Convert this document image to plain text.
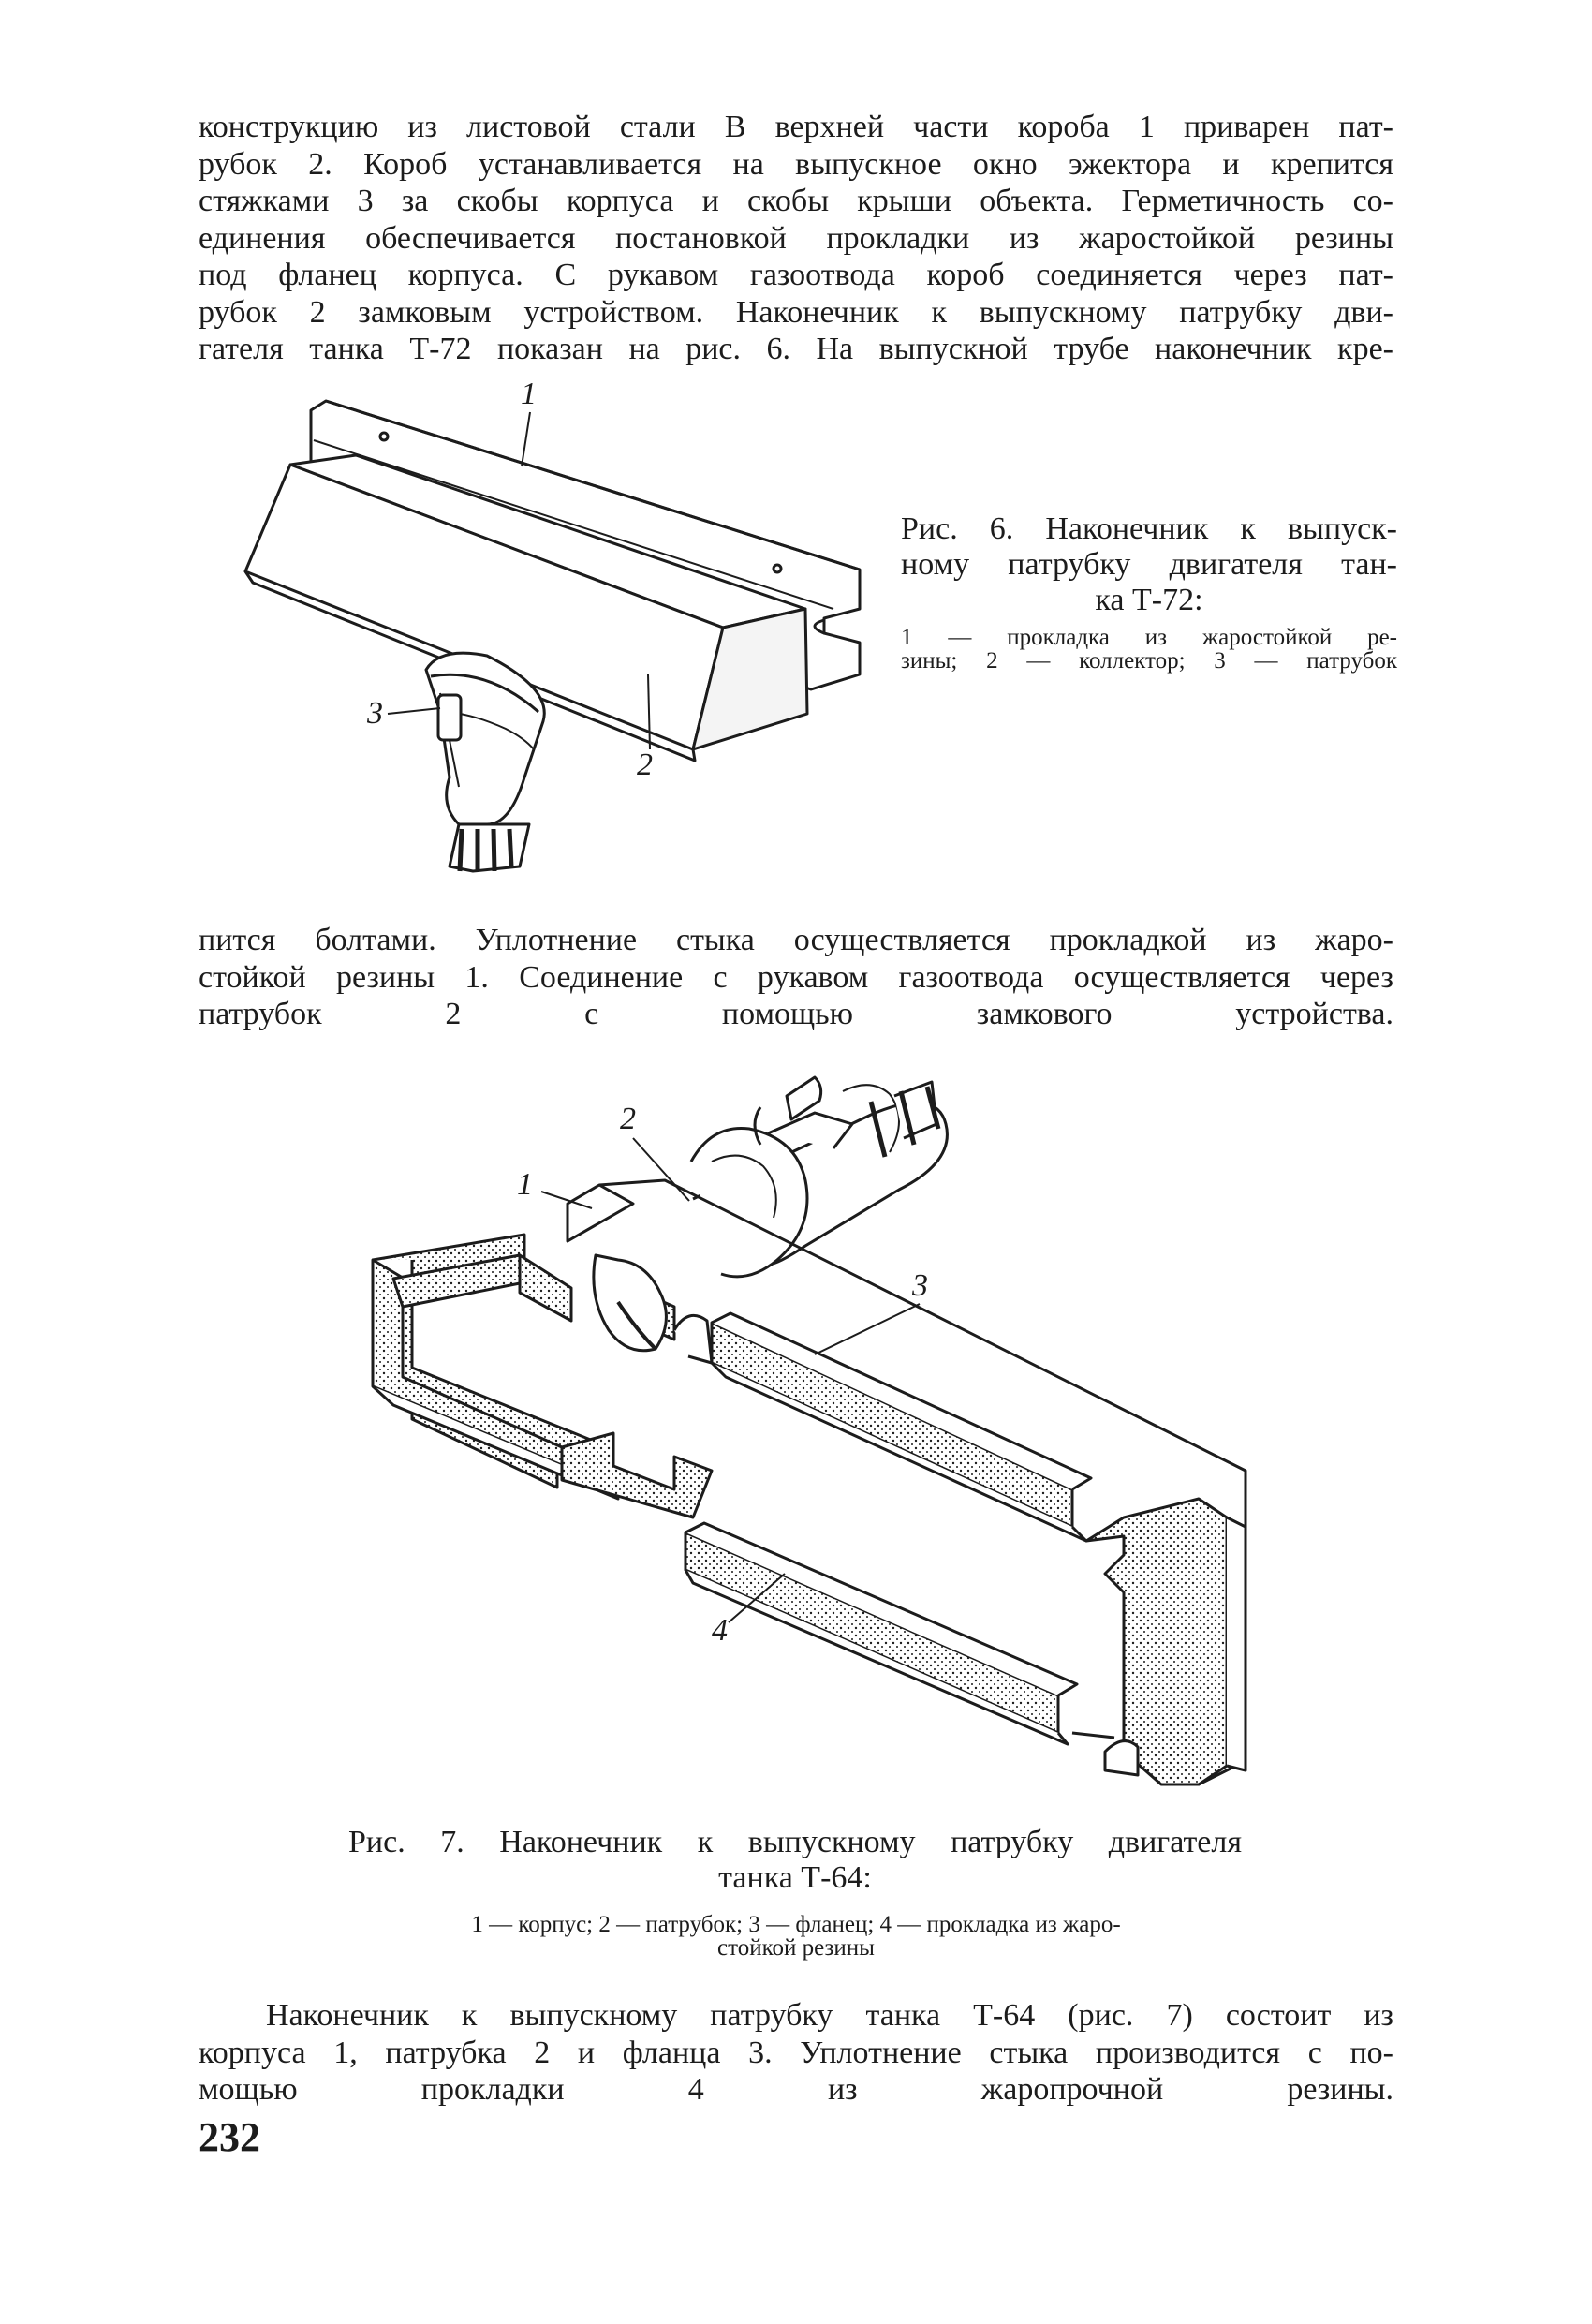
конструкцию из листовой стали В верхней части короба 1 приварен пат-
рубок 2. Короб устанавливается на выпускное окно эжектора и крепится
стяжками 3 за скобы корпуса и скобы крыши объекта. Герметичность со-
единения обеспечивается постановкой прокладки из жаростойкой резины
под фланец корпуса. С рукавом газоотвода короб соединяется через пат-
рубок 2 замковым устройством. Наконечник к выпускному патрубку дви-
гателя танка Т-72 показан на рис. 6. На выпускной трубе наконечник кре-
1
3
2
Рис. 6. Наконечник к выпуск-
ному патрубку двигателя тан-
ка Т-72:
1 — прокладка из жаростойкой ре-
зины; 2 — коллектор; 3 — патрубок
пится болтами. Уплотнение стыка осуществляется прокладкой из жаро-
стойкой резины 1. Соединение с рукавом газоотвода осуществляется через
патрубок 2 с помощью замкового устройства.
2
1
3
4
Рис. 7. Наконечник к выпускному патрубку двигателя
танка Т-64:
1 — корпус; 2 — патрубок; 3 — фланец; 4 — прокладка из жаро-
стойкой резины
Наконечник к выпускному патрубку танка Т-64 (рис. 7) состоит из
корпуса 1, патрубка 2 и фланца 3. Уплотнение стыка производится с по-
мощью прокладки 4 из жаропрочной резины.
232
